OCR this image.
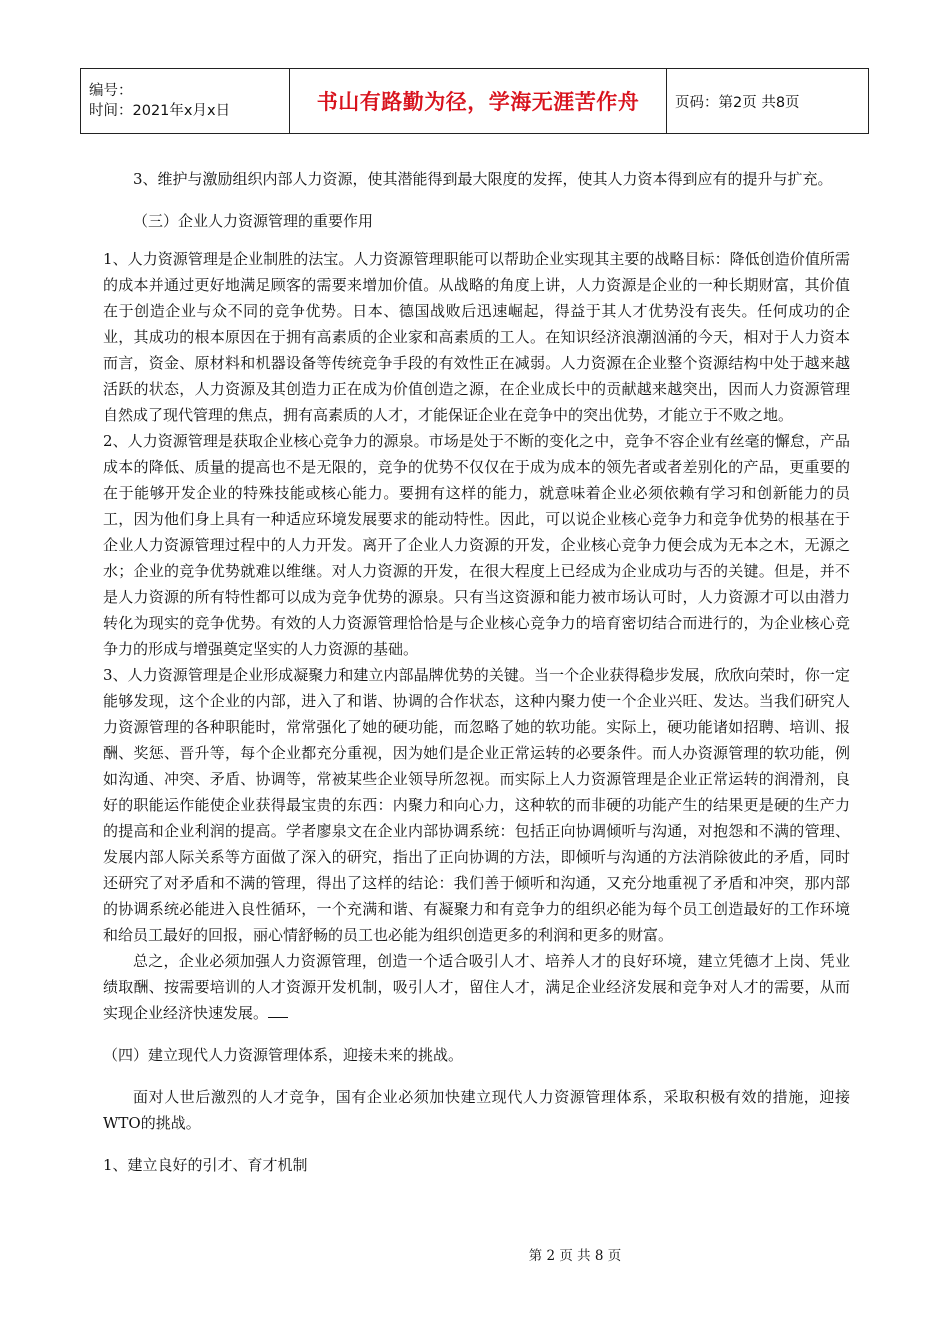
编号：
时间：2021年x月x日	书山有路勤为径，学海无涯苦作舟	页码：第2页 共8页

3、维护与激励组织内部人力资源，使其潜能得到最大限度的发挥，使其人力资本得到应有的提升与扩充。

（三）企业人力资源管理的重要作用

1、人力资源管理是企业制胜的法宝。人力资源管理职能可以帮助企业实现其主要的战略目标：降低创造价值所需的成本并通过更好地满足顾客的需要来增加价值。从战略的角度上讲，人力资源是企业的一种长期财富，其价值在于创造企业与众不同的竞争优势。日本、德国战败后迅速崛起，得益于其人才优势没有丧失。任何成功的企业，其成功的根本原因在于拥有高素质的企业家和高素质的工人。在知识经济浪潮汹涌的今天，相对于人力资本而言，资金、原材料和机器设备等传统竞争手段的有效性正在减弱。人力资源在企业整个资源结构中处于越来越活跃的状态，人力资源及其创造力正在成为价值创造之源，在企业成长中的贡献越来越突出，因而人力资源管理自然成了现代管理的焦点，拥有高素质的人才，才能保证企业在竞争中的突出优势，才能立于不败之地。

2、人力资源管理是获取企业核心竞争力的源泉。市场是处于不断的变化之中，竞争不容企业有丝毫的懈怠，产品成本的降低、质量的提高也不是无限的，竞争的优势不仅仅在于成为成本的领先者或者差别化的产品，更重要的在于能够开发企业的特殊技能或核心能力。要拥有这样的能力，就意味着企业必须依赖有学习和创新能力的员工，因为他们身上具有一种适应环境发展要求的能动特性。因此，可以说企业核心竞争力和竞争优势的根基在于企业人力资源管理过程中的人力开发。离开了企业人力资源的开发，企业核心竞争力便会成为无本之木，无源之水；企业的竞争优势就难以维继。对人力资源的开发，在很大程度上已经成为企业成功与否的关键。但是，并不是人力资源的所有特性都可以成为竞争优势的源泉。只有当这资源和能力被市场认可时，人力资源才可以由潜力转化为现实的竞争优势。有效的人力资源管理恰恰是与企业核心竞争力的培育密切结合而进行的，为企业核心竞争力的形成与增强奠定坚实的人力资源的基础。

3、人力资源管理是企业形成凝聚力和建立内部晶牌优势的关键。当一个企业获得稳步发展，欣欣向荣时，你一定能够发现，这个企业的内部，进入了和谐、协调的合作状态，这种内聚力使一个企业兴旺、发达。当我们研究人力资源管理的各种职能时，常常强化了她的硬功能，而忽略了她的软功能。实际上，硬功能诸如招聘、培训、报酬、奖惩、晋升等，每个企业都充分重视，因为她们是企业正常运转的必要条件。而人办资源管理的软功能，例如沟通、冲突、矛盾、协调等，常被某些企业领导所忽视。而实际上人力资源管理是企业正常运转的润滑剂，良好的职能运作能使企业获得最宝贵的东西：内聚力和向心力，这种软的而非硬的功能产生的结果更是硬的生产力的提高和企业利润的提高。学者廖泉文在企业内部协调系统：包括正向协调倾听与沟通，对抱怨和不满的管理、发展内部人际关系等方面做了深入的研究，指出了正向协调的方法，即倾听与沟通的方法消除彼此的矛盾，同时还研究了对矛盾和不满的管理，得出了这样的结论：我们善于倾听和沟通，又充分地重视了矛盾和冲突，那内部的协调系统必能进入良性循环，一个充满和谐、有凝聚力和有竞争力的组织必能为每个员工创造最好的工作环境和给员工最好的回报，丽心情舒畅的员工也必能为组织创造更多的利润和更多的财富。

总之，企业必须加强人力资源管理，创造一个适合吸引人才、培养人才的良好环境，建立凭德才上岗、凭业绩取酬、按需要培训的人才资源开发机制，吸引人才，留住人才，满足企业经济发展和竞争对人才的需要，从而实现企业经济快速发展。

（四）建立现代人力资源管理体系，迎接未来的挑战。

面对人世后激烈的人才竞争，国有企业必须加快建立现代人力资源管理体系，采取积极有效的措施，迎接WTO的挑战。

1、建立良好的引才、育才机制

第 2 页 共 8 页
